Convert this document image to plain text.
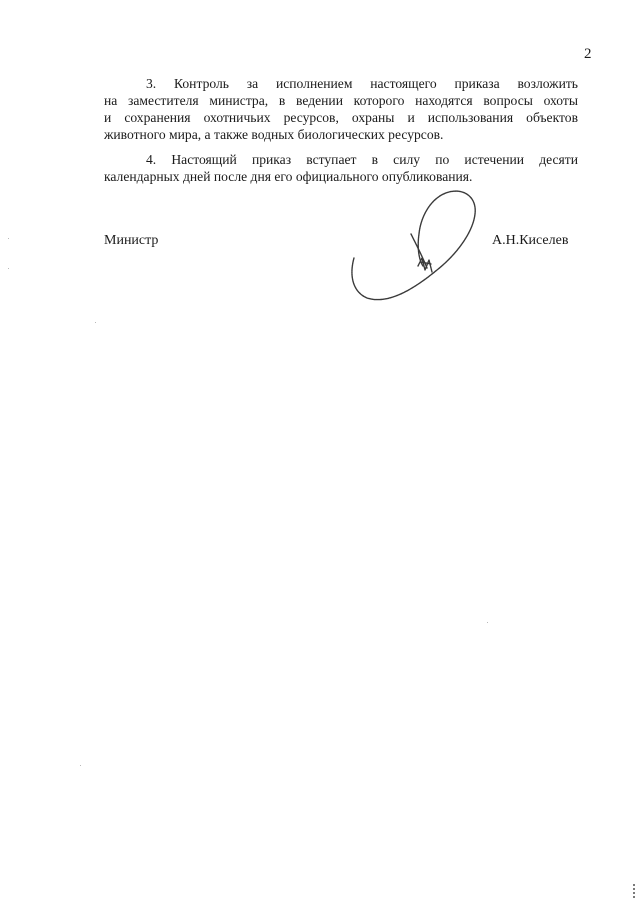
2
3. Контроль за исполнением настоящего приказа возложить
на заместителя министра, в ведении которого находятся вопросы охоты
и сохранения охотничьих ресурсов, охраны и использования объектов
животного мира, а также водных биологических ресурсов.
4. Настоящий приказ вступает в силу по истечении десяти
календарных дней после дня его официального опубликования.
Министр	А.Н.Киселев
